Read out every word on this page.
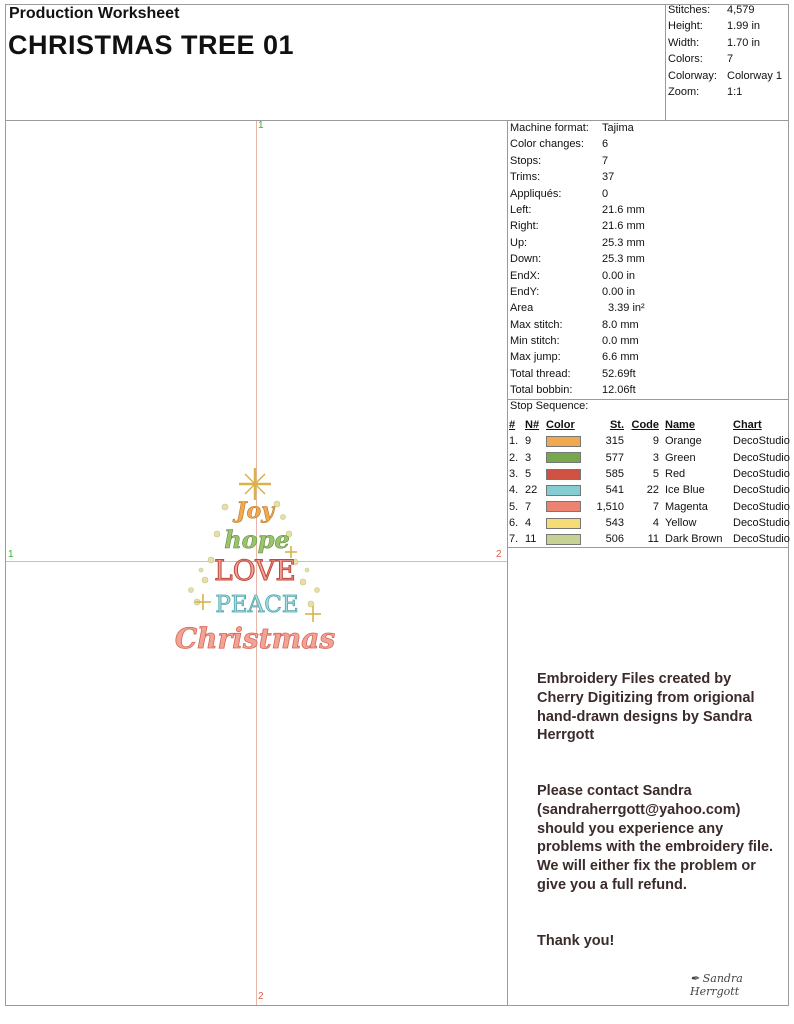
Production Worksheet
CHRISTMAS TREE 01
Stitches: 4,579
Height: 1.99 in
Width:	1.70 in
Colors: 7
Colorway: Colorway 1
Zoom:	1:1
Machine format: Tajima
Color changes: 6
Stops:	7
Trims:	37
Appliqués:	0
Left:	21.6 mm
Right:	21.6 mm
Up:	25.3 mm
Down:	25.3 mm
EndX:	0.00 in
EndY:	0.00 in
Area	3.39 in²
Max stitch:	8.0 mm
Min stitch:	0.0 mm
Max jump:	6.6 mm
Total thread:	52.69ft
Total bobbin:	12.06ft
Stop Sequence:
#	N#	Color	St.	Code	Name	Chart
1.	9		315	9	Orange	DecoStudio
2.	3		577	3	Green	DecoStudio
3.	5		585	5	Red	DecoStudio
4.	22		541	22	Ice Blue	DecoStudio
5.	7		1,510	7	Magenta	DecoStudio
6.	4		543	4	Yellow	DecoStudio
7.	11		506	11	Dark Brown	DecoStudio
1
1	2
2
Joy
hope
LOVE
PEACE
Christmas
Embroidery Files created by Cherry Digitizing from origional hand-drawn designs by Sandra Herrgott
Please contact Sandra (sandraherrgott@yahoo.com) should you experience any problems with the embroidery file. We will either fix the problem or give you a full refund.
Thank you!
✒ Sandra Herrgott
